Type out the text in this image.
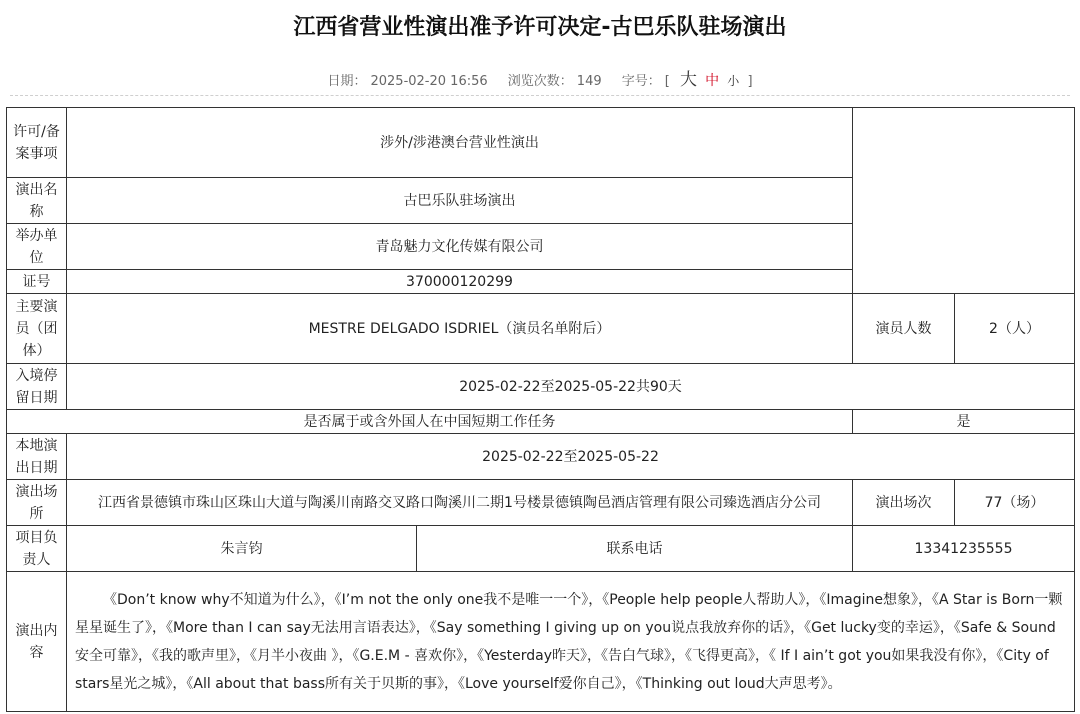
江西省营业性演出准予许可决定-古巴乐队驻场演出
日期： 2025-02-20 16:56 浏览次数： 149 字号： [ 大 中 小 ]
许可/备案事项	涉外/涉港澳台营业性演出			
演出名称	古巴乐队驻场演出			
举办单位	青岛魅力文化传媒有限公司			
证号	370000120299			
主要演员（团体）	MESTRE DELGADO ISDRIEL（演员名单附后）		演员人数	2（人）
入境停留日期	2025-02-22至2025-05-22共90天			
是否属于或含外国人在中国短期工作任务			是	
本地演出日期	2025-02-22至2025-05-22			
演出场所	江西省景德镇市珠山区珠山大道与陶溪川南路交叉路口陶溪川二期1号楼景德镇陶邑酒店管理有限公司臻选酒店分公司		演出场次	77（场）
项目负责人	朱言钧	联系电话	13341235555	
演出内容	《Don’t know why不知道为什么》，《I’m not the only one我不是唯一一个》，《People help people人帮助人》，《Imagine想象》，《A Star is Born一颗星星诞生了》，《More than I can say无法用言语表达》，《Say something I giving up on you说点我放弃你的话》，《Get lucky变的幸运》，《Safe & Sound安全可靠》，《我的歌声里》，《月半小夜曲 》，《G.E.M - 喜欢你》，《Yesterday昨天》，《告白气球》，《飞得更高》，《 If I ain’t got you如果我没有你》，《City of stars星光之城》，《All about that bass所有关于贝斯的事》，《Love yourself爱你自己》，《Thinking out loud大声思考》。			
